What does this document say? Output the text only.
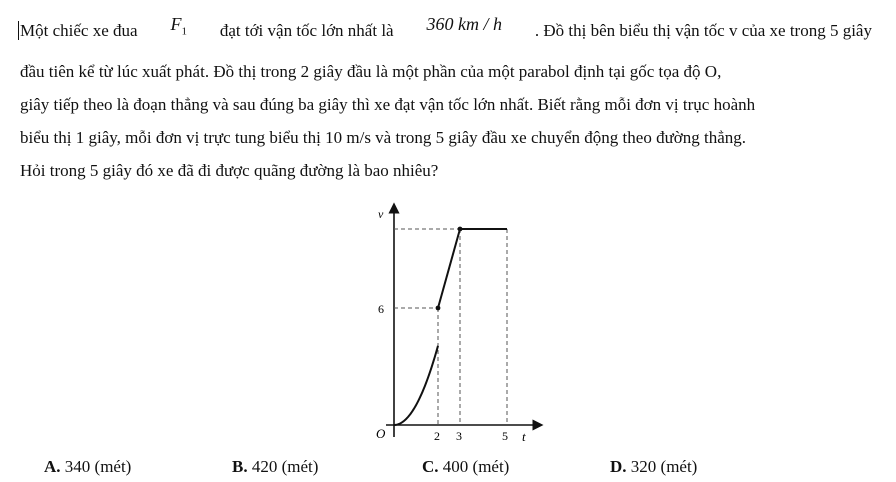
Một chiếc xe đua $F_1$ đạt tới vận tốc lớn nhất là 360 km / h . Đồ thị bên biểu thị vận tốc v của xe trong 5 giây
đầu tiên kể từ lúc xuất phát. Đồ thị trong 2 giây đầu là một phần của một parabol định tại gốc tọa độ O,
giây tiếp theo là đoạn thẳng và sau đúng ba giây thì xe đạt vận tốc lớn nhất. Biết rằng mỗi đơn vị trục hoành
biểu thị 1 giây, mỗi đơn vị trực tung biểu thị 10 m/s và trong 5 giây đầu xe chuyển động theo đường thẳng.
Hỏi trong 5 giây đó xe đã đi được quãng đường là bao nhiêu?
v
t
O
6
2 3	5
A. 340 (mét)	B. 420 (mét)	C. 400 (mét)	D. 320 (mét)
